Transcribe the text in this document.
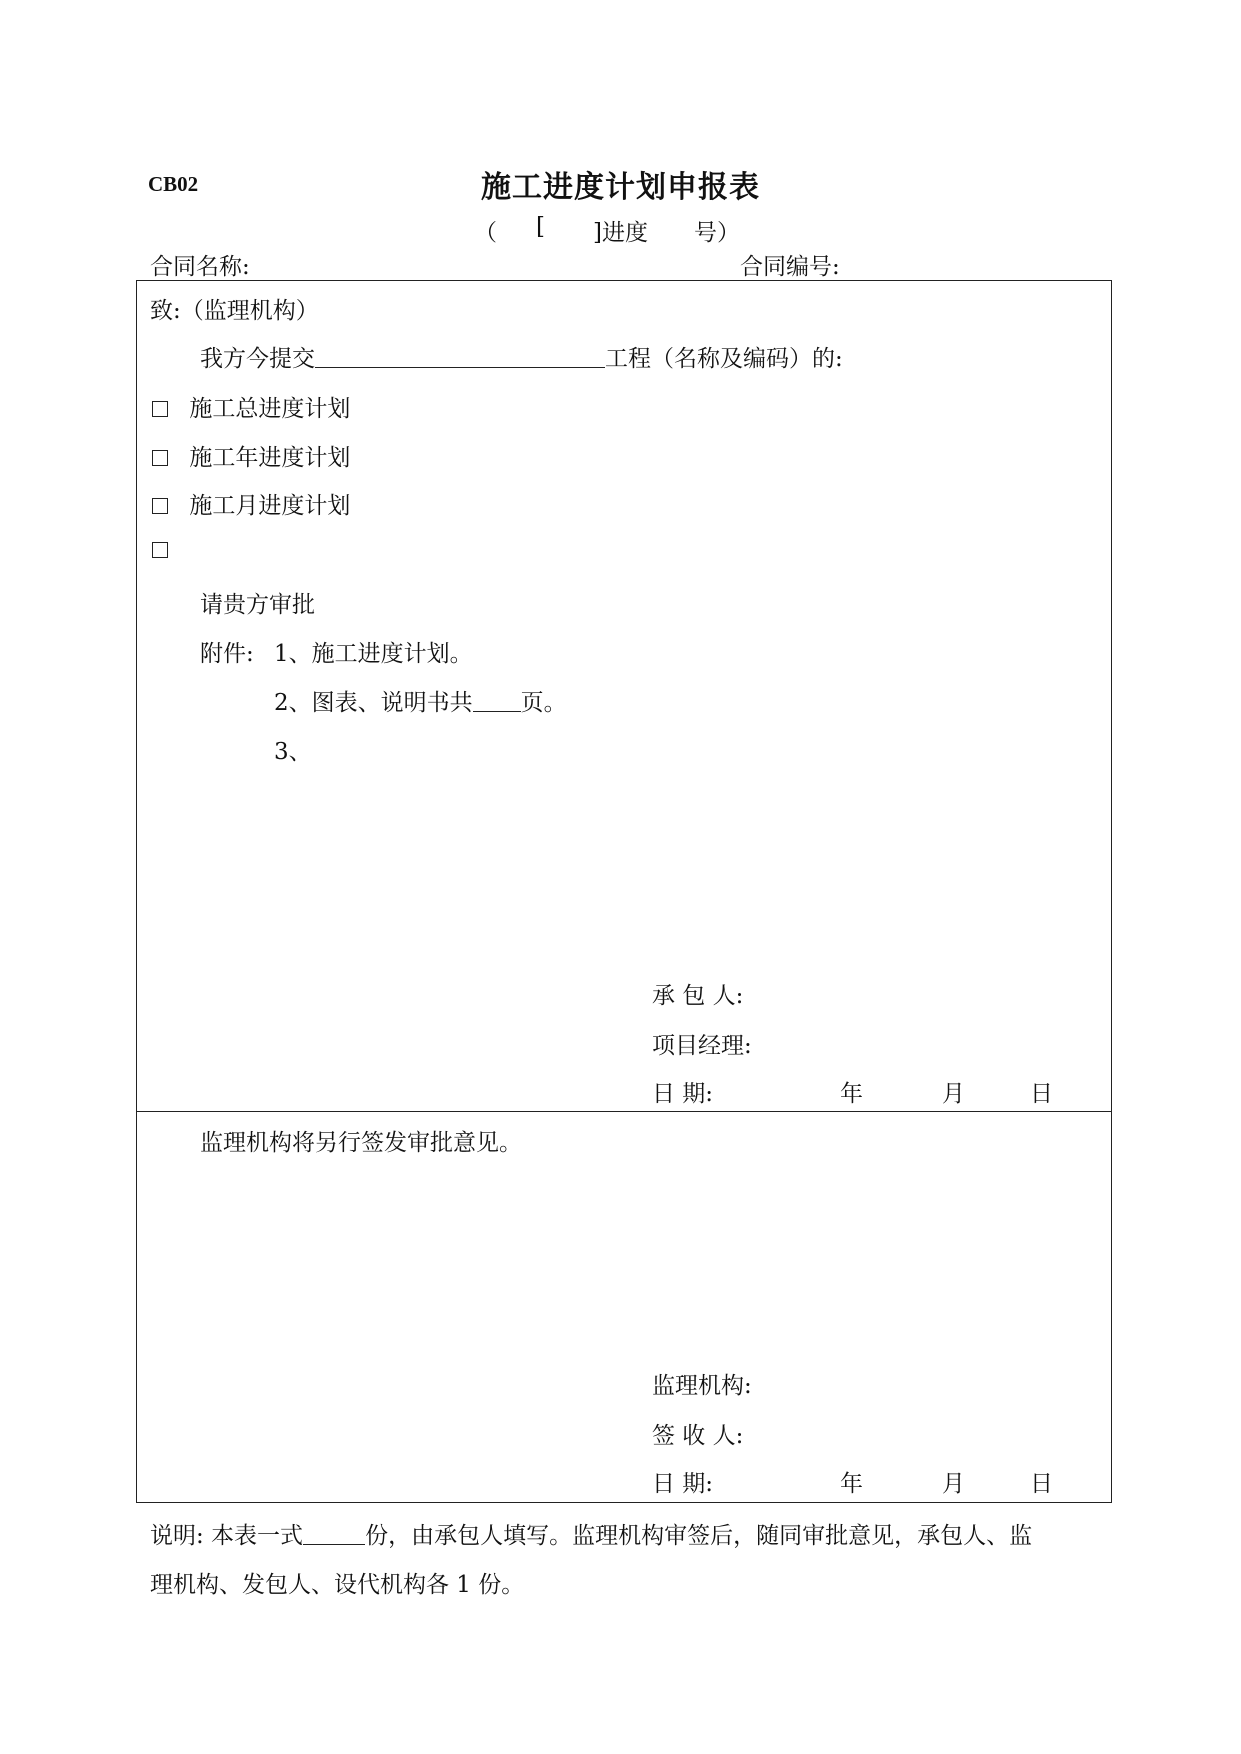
CB02	施工进度计划申报表
（ [ ]进度 号）
合同名称:	合同编号:
致:（监理机构）
我方今提交	工程（名称及编码）的:
施工总进度计划
施工年进度计划
施工月进度计划
请贵方审批
附件: 1、施工进度计划。
2、图表、说明书共 页。
3、
承 包 人:
项目经理:
日 期:	年	月	日
监理机构将另行签发审批意见。
监理机构:
签 收 人:
日 期:	年	月	日
说明: 本表一式	份，由承包人填写。监理机构审签后，随同审批意见，承包人、监
理机构、发包人、设代机构各 1 份。
